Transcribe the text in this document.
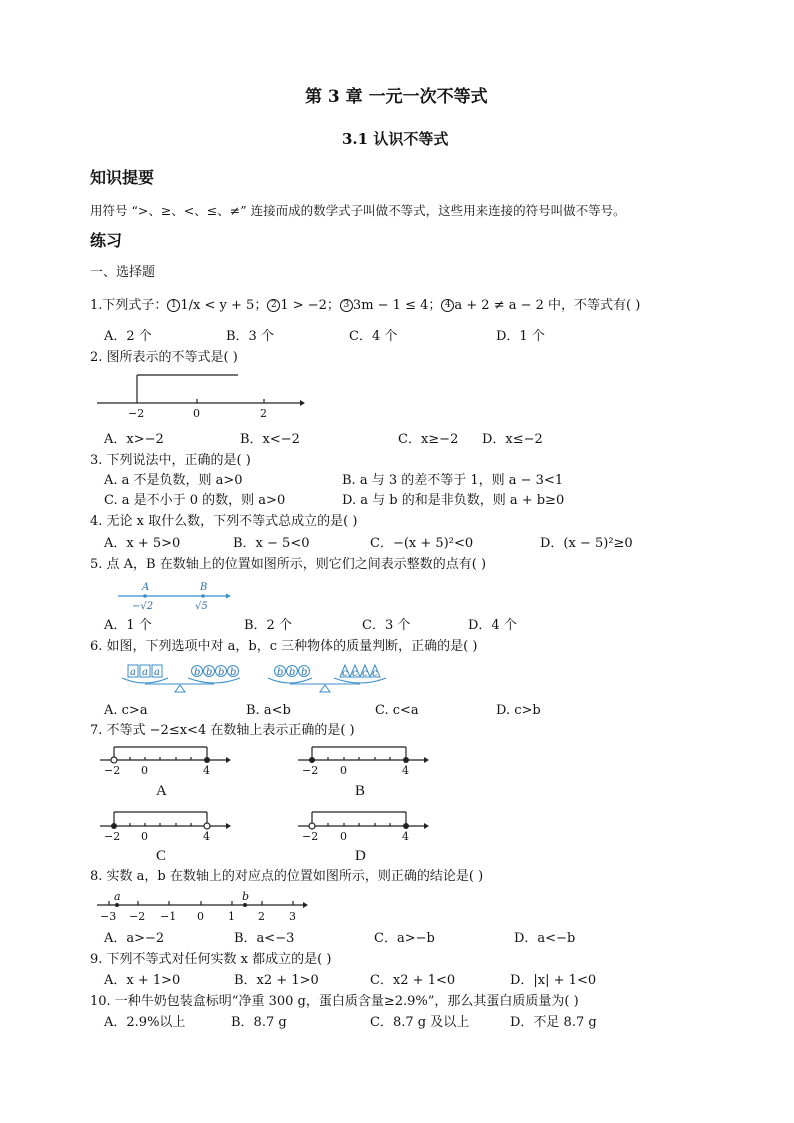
第 3 章 一元一次不等式
3.1 认识不等式
知识提要
用符号 “>、≥、<、≤、≠” 连接而成的数学式子叫做不等式，这些用来连接的符号叫做不等号。
练习
一、选择题
1.下列式子： 1 1/x < y + 5； 2 1 > −2； 3 3m − 1 ≤ 4； 4 a + 2 ≠ a − 2 中，不等式有( )
A．2 个	B．3 个	C．4 个	D．1 个
2. 图所表示的不等式是( )
−2	0	2
A．x>−2	B．x<−2	C．x≥−2 D．x≤−2
3. 下列说法中，正确的是( )
A. a 不是负数，则 a>0	B. a 与 3 的差不等于 1，则 a − 3<1
C. a 是不小于 0 的数，则 a>0	D. a 与 b 的和是非负数，则 a + b≥0
4. 无论 x 取什么数，下列不等式总成立的是( )
A．x + 5>0	B．x − 5<0	C．−(x + 5)²<0	D．(x − 5)²≥0
5. 点 A，B 在数轴上的位置如图所示，则它们之间表示整数的点有( )
A	B
−√2	√5
A．1 个	B．2 个	C．3 个	D．4 个
6. 如图，下列选项中对 a，b，c 三种物体的质量判断，正确的是( )
a a a	b b b b	b b b	c c c c
A. c>a	B. a<b	C. c<a	D. c>b
7. 不等式 −2≤x<4 在数轴上表示正确的是( )
−2 0	4
A
−2 0	4
B
−2 0	4
C
−2 0	4
D
8. 实数 a，b 在数轴上的对应点的位置如图所示，则正确的结论是( )
a	b
−3 −2 −1 0 1 2 3
A．a>−2	B．a<−3	C．a>−b	D．a<−b
9. 下列不等式对任何实数 x 都成立的是( )
A．x + 1>0	B．x2 + 1>0	C．x2 + 1<0	D．|x| + 1<0
10. 一种牛奶包装盒标明“净重 300 g，蛋白质含量≥2.9%”，那么其蛋白质质量为( )
A．2.9%以上	B．8.7 g	C．8.7 g 及以上	D．不足 8.7 g
